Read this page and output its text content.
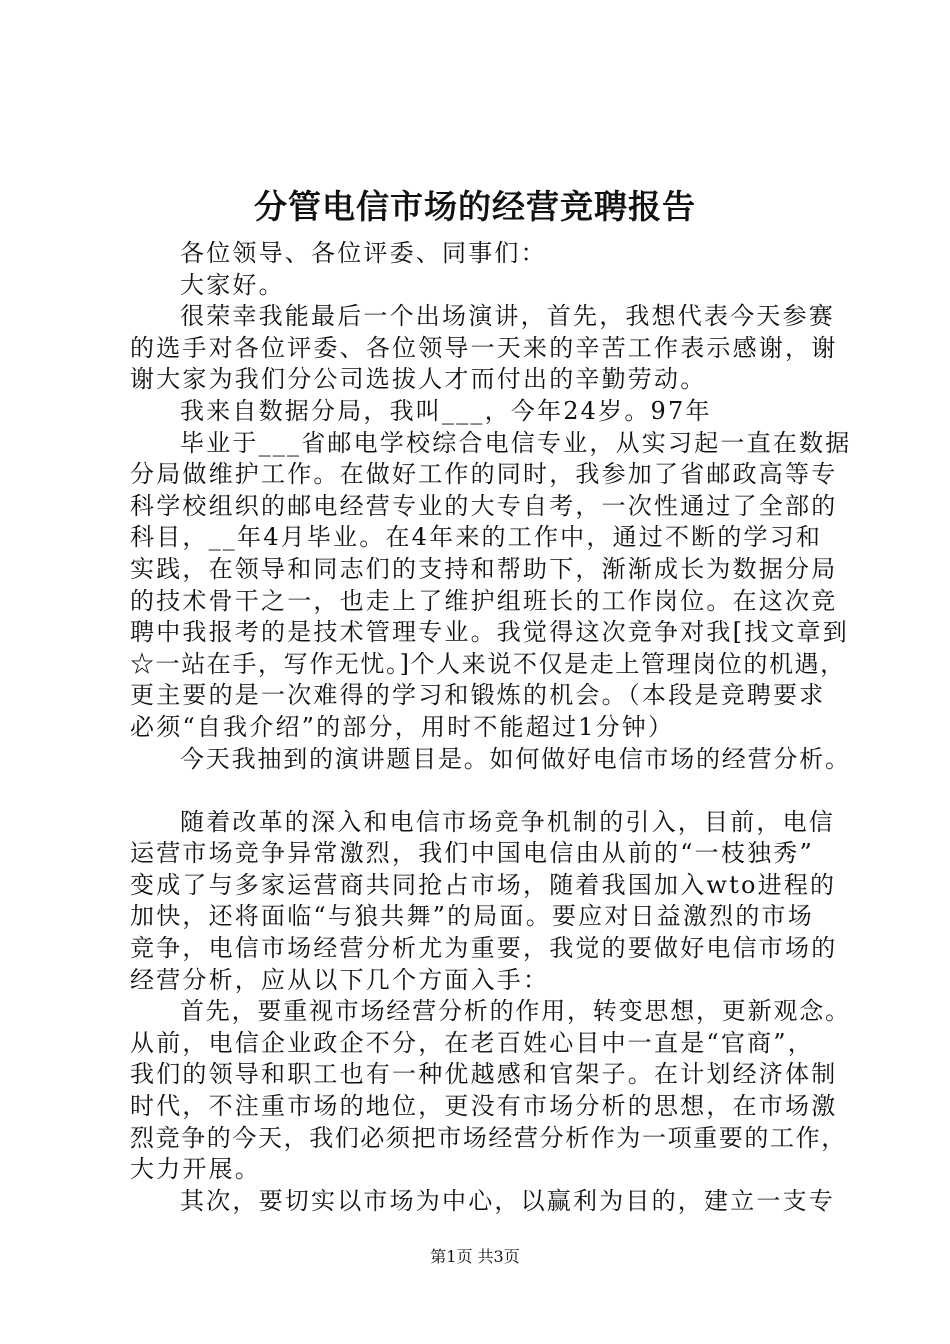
分管电信市场的经营竞聘报告
各位领导、各位评委、同事们：
大家好。
很荣幸我能最后一个出场演讲，首先，我想代表今天参赛
的选手对各位评委、各位领导一天来的辛苦工作表示感谢，谢
谢大家为我们分公司选拔人才而付出的辛勤劳动。
我来自数据分局，我叫___，今年24岁。97年
毕业于___省邮电学校综合电信专业，从实习起一直在数据
分局做维护工作。在做好工作的同时，我参加了省邮政高等专
科学校组织的邮电经营专业的大专自考，一次性通过了全部的
科目，__年4月毕业。在4年来的工作中，通过不断的学习和
实践，在领导和同志们的支持和帮助下，渐渐成长为数据分局
的技术骨干之一，也走上了维护组班长的工作岗位。在这次竞
聘中我报考的是技术管理专业。我觉得这次竞争对我[找文章到
☆一站在手，写作无忧。]个人来说不仅是走上管理岗位的机遇，
更主要的是一次难得的学习和锻炼的机会。（本段是竞聘要求
必须“自我介绍”的部分，用时不能超过1分钟）
今天我抽到的演讲题目是。如何做好电信市场的经营分析。
随着改革的深入和电信市场竞争机制的引入，目前，电信
运营市场竞争异常激烈，我们中国电信由从前的“一枝独秀”
变成了与多家运营商共同抢占市场，随着我国加入wto进程的
加快，还将面临“与狼共舞”的局面。要应对日益激烈的市场
竞争，电信市场经营分析尤为重要，我觉的要做好电信市场的
经营分析，应从以下几个方面入手：
首先，要重视市场经营分析的作用，转变思想，更新观念。
从前，电信企业政企不分，在老百姓心目中一直是“官商”，
我们的领导和职工也有一种优越感和官架子。在计划经济体制
时代，不注重市场的地位，更没有市场分析的思想，在市场激
烈竞争的今天，我们必须把市场经营分析作为一项重要的工作，
大力开展。
其次，要切实以市场为中心，以赢利为目的，建立一支专
第1页 共3页
